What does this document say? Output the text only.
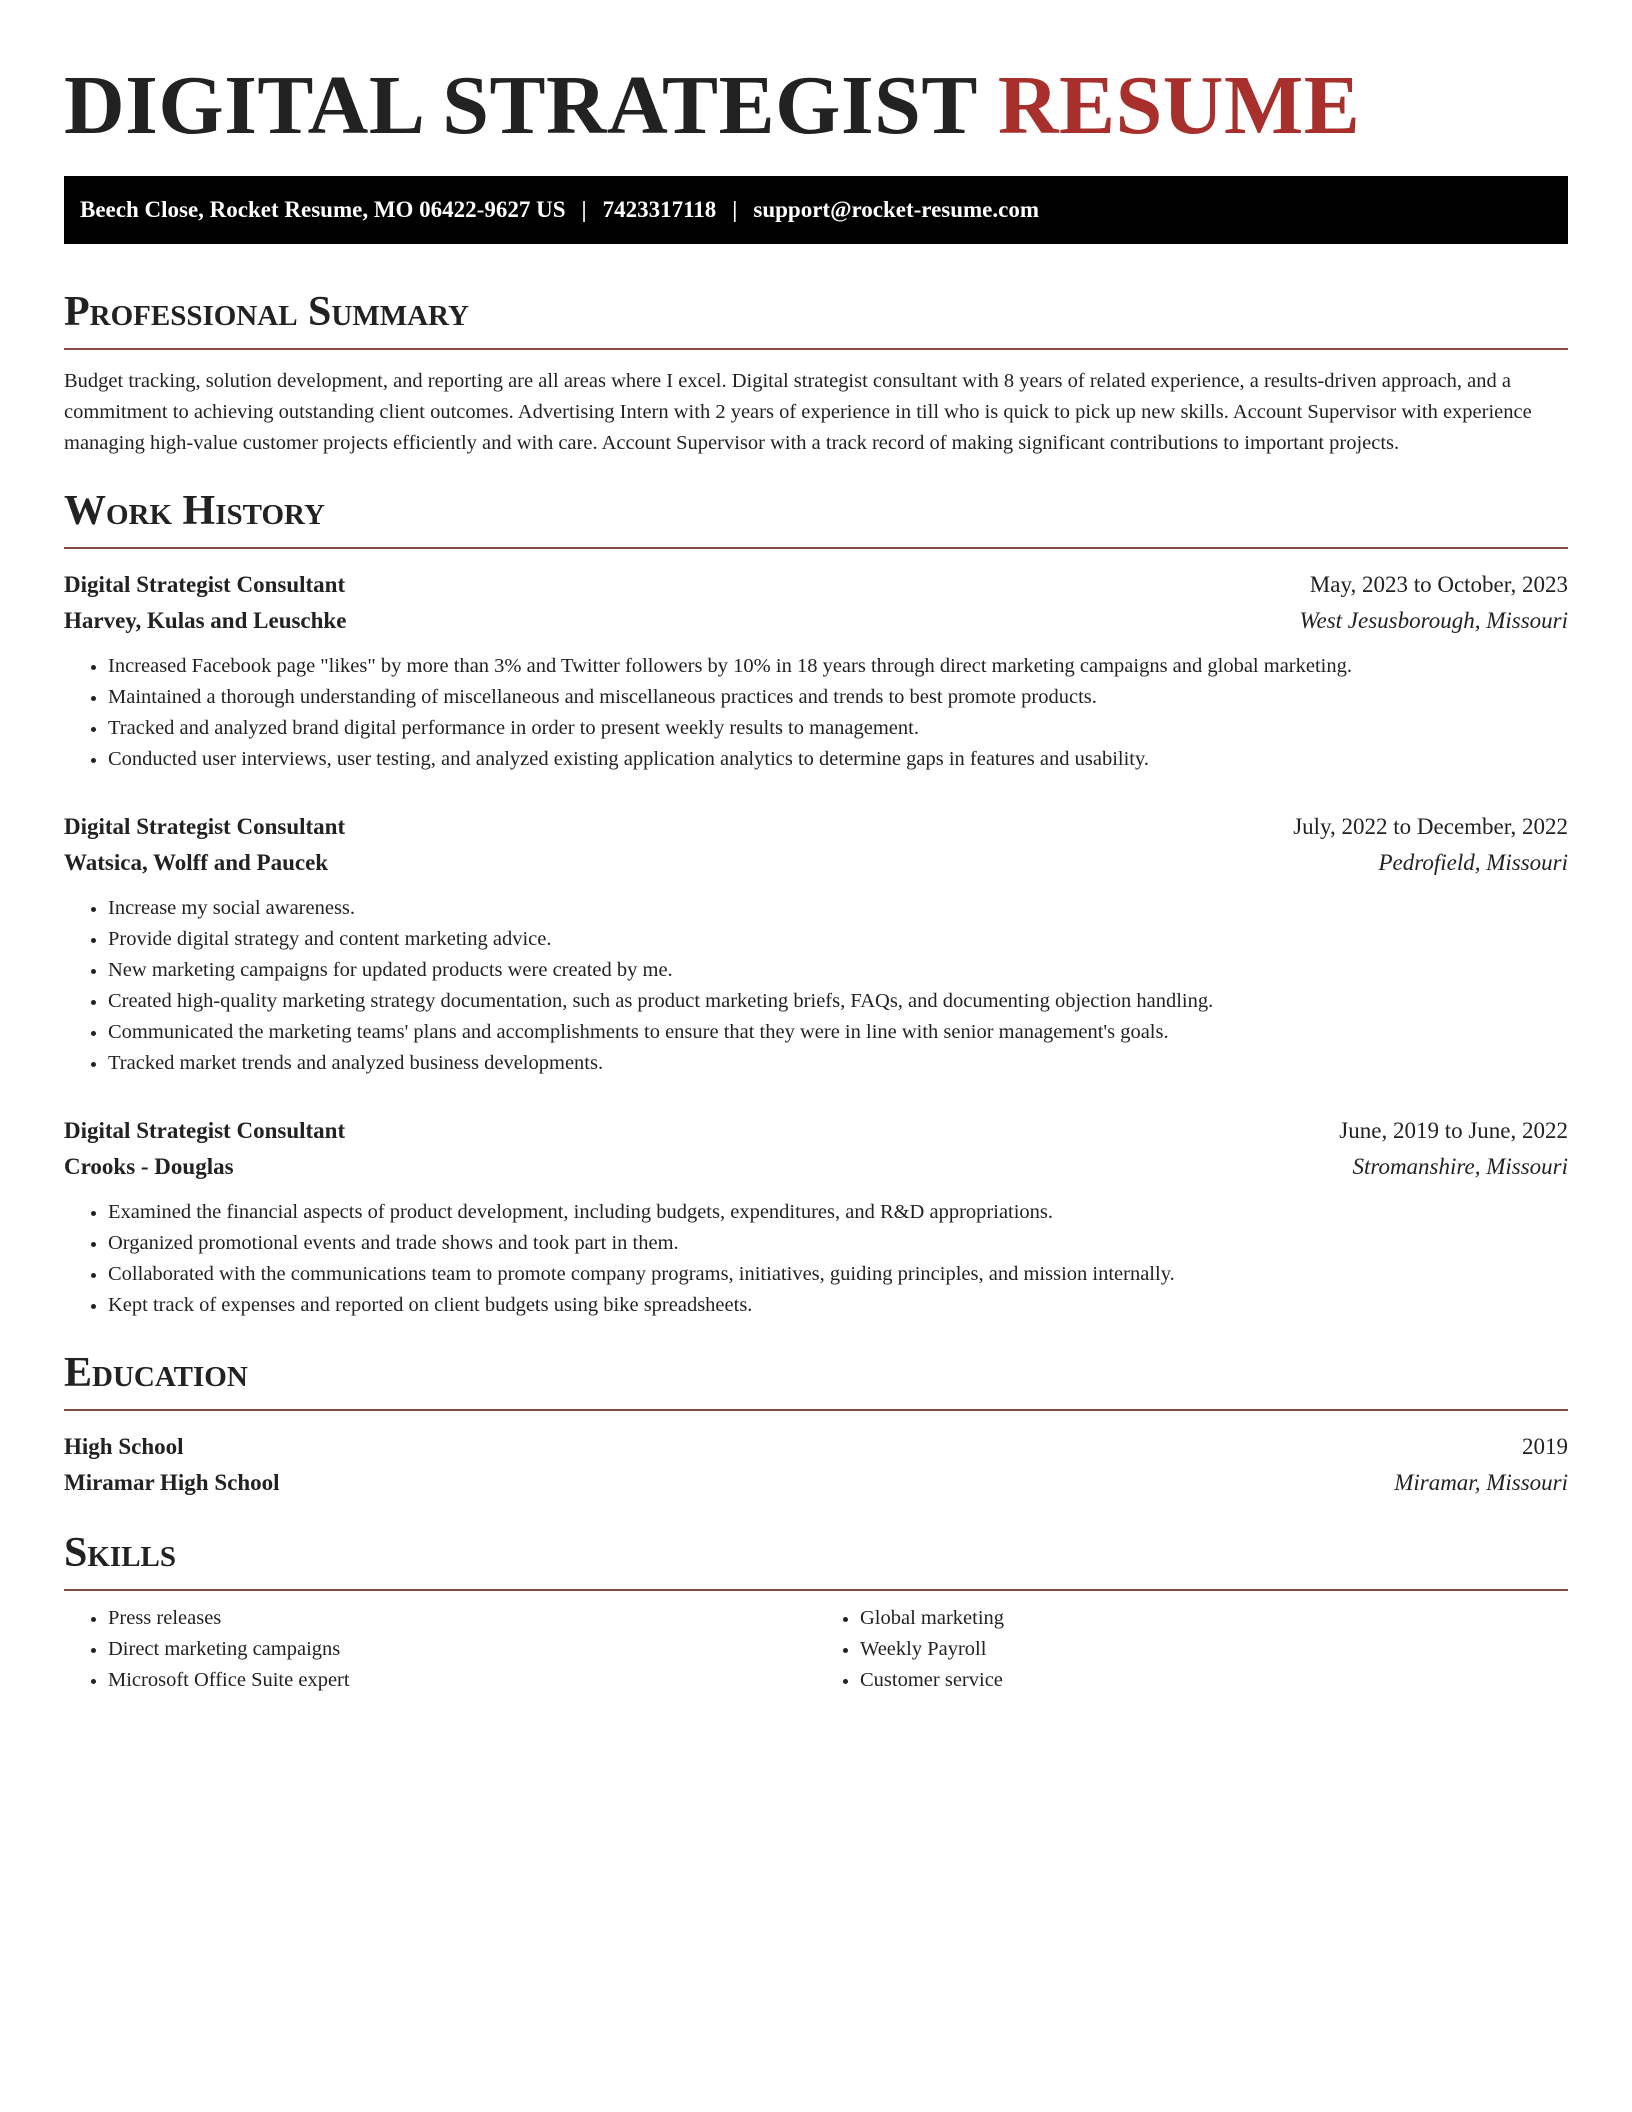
DIGITAL STRATEGIST RESUME
Beech Close, Rocket Resume, MO 06422-9627 US | 7423317118 | support@rocket-resume.com
Professional Summary

Budget tracking, solution development, and reporting are all areas where I excel. Digital strategist consultant with 8 years of related experience, a results-driven approach, and a commitment to achieving outstanding client outcomes. Advertising Intern with 2 years of experience in till who is quick to pick up new skills. Account Supervisor with experience managing high-value customer projects efficiently and with care. Account Supervisor with a track record of making significant contributions to important projects.

Work History
Digital Strategist Consultant	May, 2023 to October, 2023
Harvey, Kulas and Leuschke	West Jesusborough, Missouri
• Increased Facebook page "likes" by more than 3% and Twitter followers by 10% in 18 years through direct marketing campaigns and global marketing.
• Maintained a thorough understanding of miscellaneous and miscellaneous practices and trends to best promote products.
• Tracked and analyzed brand digital performance in order to present weekly results to management.
• Conducted user interviews, user testing, and analyzed existing application analytics to determine gaps in features and usability.
Digital Strategist Consultant	July, 2022 to December, 2022
Watsica, Wolff and Paucek	Pedrofield, Missouri
• Increase my social awareness.
• Provide digital strategy and content marketing advice.
• New marketing campaigns for updated products were created by me.
• Created high-quality marketing strategy documentation, such as product marketing briefs, FAQs, and documenting objection handling.
• Communicated the marketing teams' plans and accomplishments to ensure that they were in line with senior management's goals.
• Tracked market trends and analyzed business developments.
Digital Strategist Consultant	June, 2019 to June, 2022
Crooks - Douglas	Stromanshire, Missouri
• Examined the financial aspects of product development, including budgets, expenditures, and R&D appropriations.
• Organized promotional events and trade shows and took part in them.
• Collaborated with the communications team to promote company programs, initiatives, guiding principles, and mission internally.
• Kept track of expenses and reported on client budgets using bike spreadsheets.
Education
High School	2019
Miramar High School	Miramar, Missouri
Skills
• Press releases
• Direct marketing campaigns
• Microsoft Office Suite expert
• Global marketing
• Weekly Payroll
• Customer service
